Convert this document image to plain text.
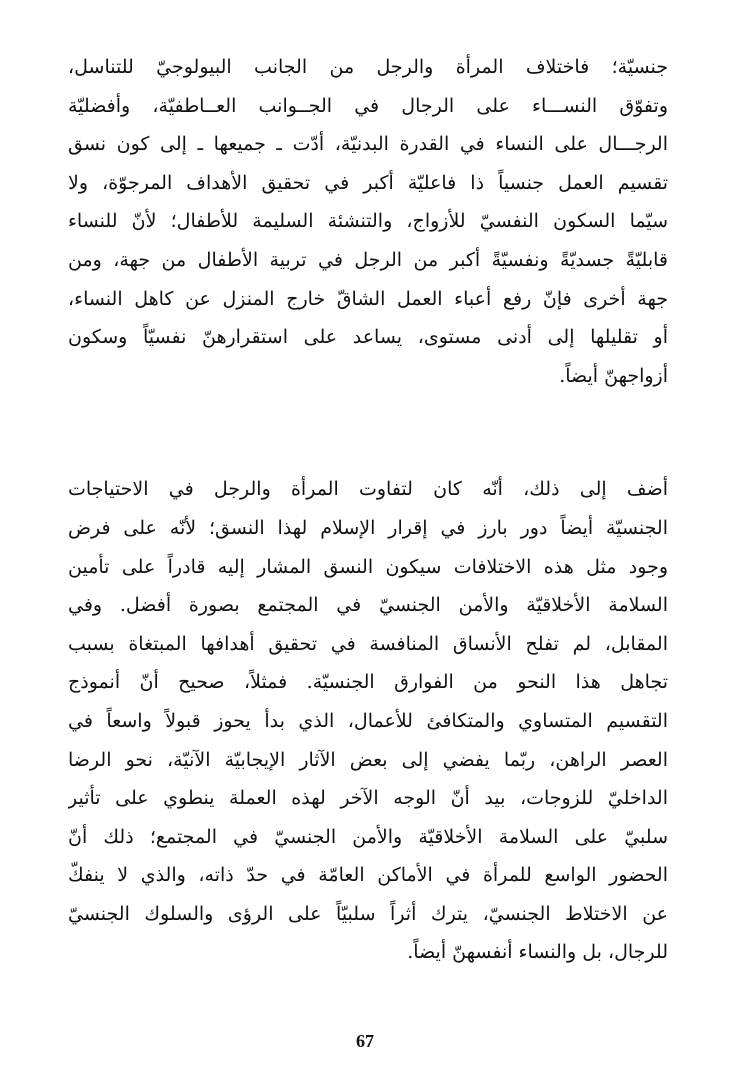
جنسيّة؛ فاختلاف المرأة والرجل من الجانب البيولوجيّ للتناسل،
وتفوّق النســـاء على الرجال في الجــوانب العــاطفيّة، وأفضليّة
الرجـــال على النساء في القدرة البدنيّة، أدّت ـ جميعها ـ إلى كون نسق
تقسيم العمل جنسياً ذا فاعليّة أكبر في تحقيق الأهداف المرجوّة، ولا
سيّما السكون النفسيّ للأزواج، والتنشئة السليمة للأطفال؛ لأنّ للنساء
قابليّةً جسديّةً ونفسيّةً أكبر من الرجل في تربية الأطفال من جهة، ومن
جهة أخرى فإنّ رفع أعباء العمل الشاقّ خارج المنزل عن كاهل النساء،
أو تقليلها إلى أدنى مستوى، يساعد على استقرارهنّ نفسيّاً وسكون
أزواجهنّ أيضاً.
أضف إلى ذلك، أنّه كان لتفاوت المرأة والرجل في الاحتياجات
الجنسيّة أيضاً دور بارز في إقرار الإسلام لهذا النسق؛ لأنّه على فرض
وجود مثل هذه الاختلافات سيكون النسق المشار إليه قادراً على تأمين
السلامة الأخلاقيّة والأمن الجنسيّ في المجتمع بصورة أفضل. وفي
المقابل، لم تفلح الأنساق المنافسة في تحقيق أهدافها المبتغاة بسبب
تجاهل هذا النحو من الفوارق الجنسيّة. فمثلاً، صحيح أنّ أنموذج
التقسيم المتساوي والمتكافئ للأعمال، الذي بدأ يحوز قبولاً واسعاً في
العصر الراهن، ربّما يفضي إلى بعض الآثار الإيجابيّة الآنيّة، نحو الرضا
الداخليّ للزوجات، بيد أنّ الوجه الآخر لهذه العملة ينطوي على تأثير
سلبيّ على السلامة الأخلاقيّة والأمن الجنسيّ في المجتمع؛ ذلك أنّ
الحضور الواسع للمرأة في الأماكن العامّة في حدّ ذاته، والذي لا ينفكّ
عن الاختلاط الجنسيّ، يترك أثراً سلبيّاً على الرؤى والسلوك الجنسيّ
للرجال، بل والنساء أنفسهنّ أيضاً.
67
